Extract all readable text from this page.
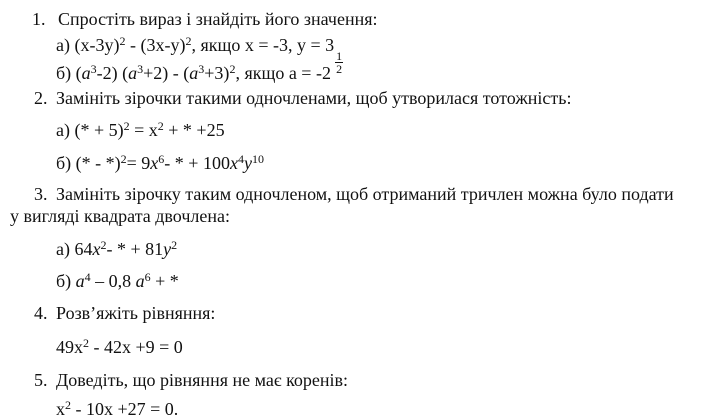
1. Спростіть вираз і знайдіть його значення:
а) $(x-3y)^2 - (3x-y)^2$, якщо x = -3, y = 3
$\frac{1}{2}$
б) $(a^3-2)$ $(a^3+2) - (a^3+3)^2$, якщо а = -2
2. Замініть зірочки такими одночленами, щоб утворилася тотожність:
а) (* + $5)^2 = x^2$ + * +25
б) (* - $*)^2= 9x^6-$ * + $100x^4y^{10}$
3. Замініть зірочку таким одночленом, щоб отриманий тричлен можна було подати
у вигляді квадрата двочлена:
а) $64x^2-$ * + $81y^2$
б) $a^4 - 0,8$ $a^6$ + *
4. Розв’яжіть рівняння:
$49x^2 - 42x +9 = 0$
5. Доведіть, що рівняння не має коренів:
$x^2 - 10x +27 = 0$.
